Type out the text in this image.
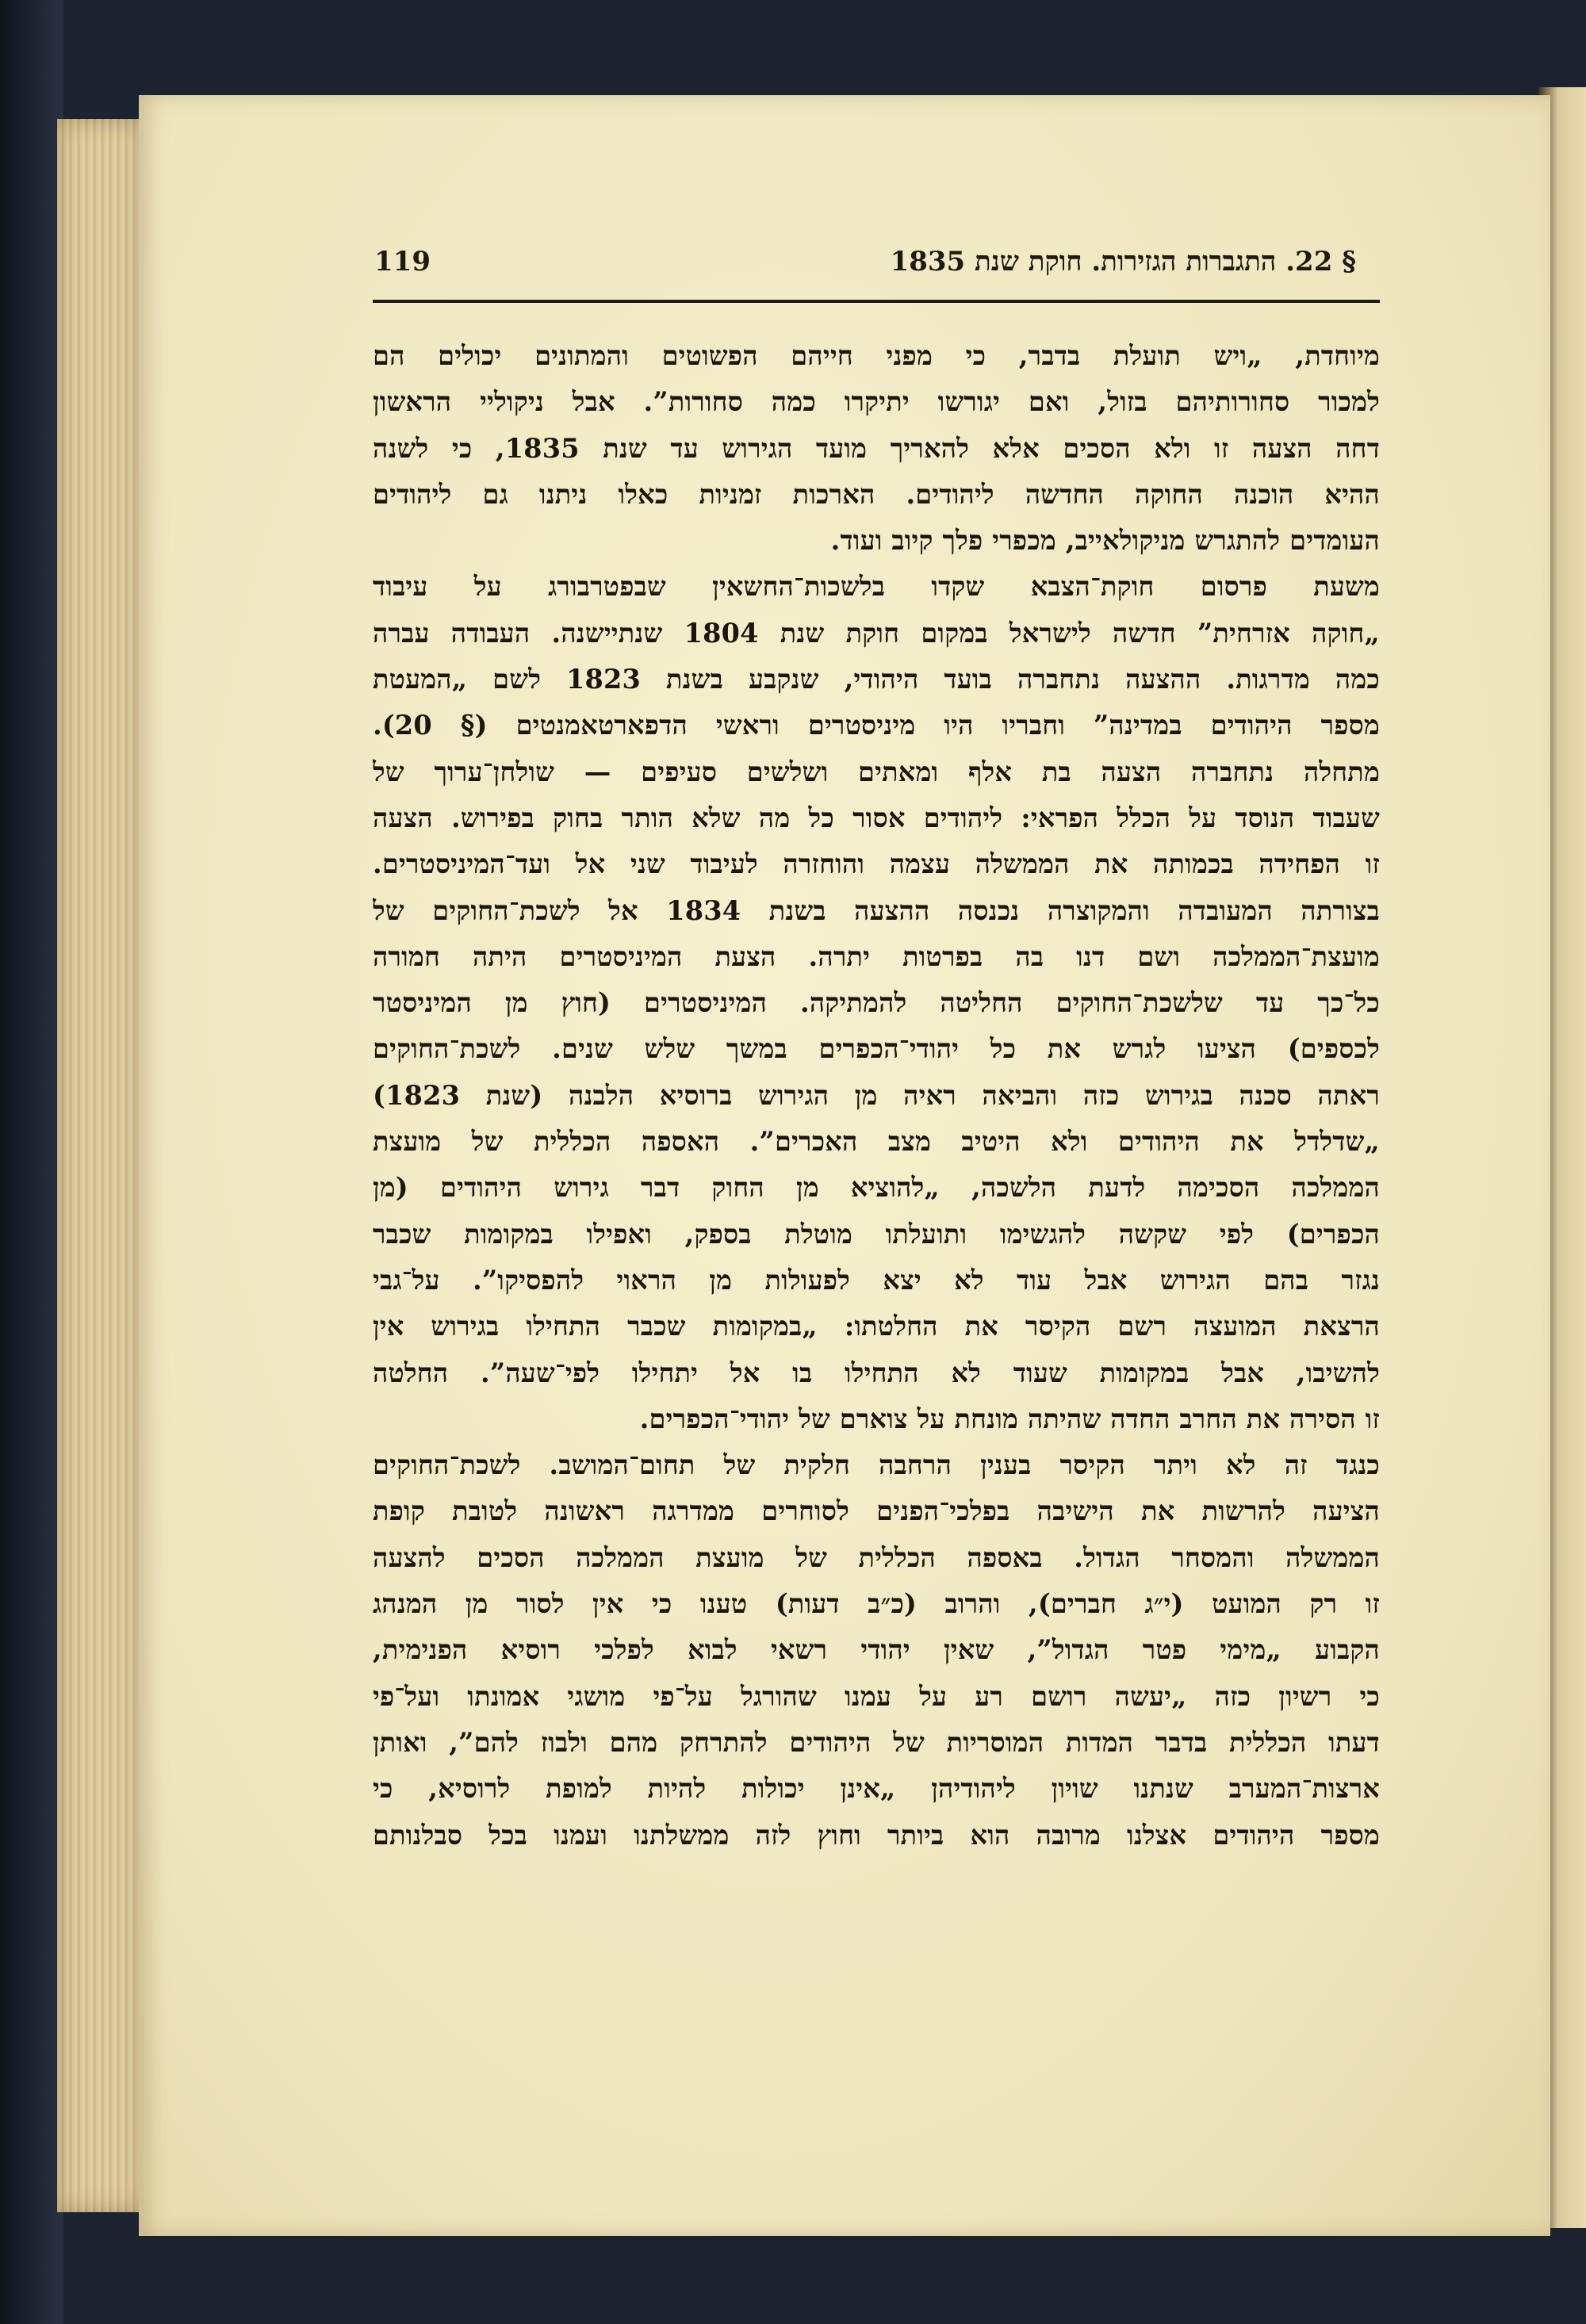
119	§ 22. התגברות הגזירות. חוקת שנת 1835
מיוחדת, „ויש תועלת בדבר, כי מפני חייהם הפשוטים והמתונים יכולים הם
למכור סחורותיהם בזול, ואם יגורשו יתיקרו כמה סחורות”. אבל ניקוליי הראשון
דחה הצעה זו ולא הסכים אלא להאריך מועד הגירוש עד שנת 1835, כי לשנה
ההיא הוכנה החוקה החדשה ליהודים. הארכות זמניות כאלו ניתנו גם ליהודים
העומדים להתגרש מניקולאייב, מכפרי פלך קיוב ועוד.
משעת פרסום חוקת־הצבא שקדו בלשכות־החשאין שבפטרבורג על עיבוד
„חוקה אזרחית” חדשה לישראל במקום חוקת שנת 1804 שנתיישנה. העבודה עברה
כמה מדרגות. ההצעה נתחברה בועד היהודי, שנקבע בשנת 1823 לשם „המעטת
מספר היהודים במדינה” וחבריו היו מיניסטרים וראשי הדפארטאמנטים (§ 20).
מתחלה נתחברה הצעה בת אלף ומאתים ושלשים סעיפים — שולחן־ערוך של
שעבוד הנוסד על הכלל הפראי: ליהודים אסור כל מה שלא הותר בחוק בפירוש. הצעה
זו הפחידה בכמותה את הממשלה עצמה והוחזרה לעיבוד שני אל ועד־המיניסטרים.
בצורתה המעובדה והמקוצרה נכנסה ההצעה בשנת 1834 אל לשכת־החוקים של
מועצת־הממלכה ושם דנו בה בפרטות יתרה. הצעת המיניסטרים היתה חמורה
כל־כך עד שלשכת־החוקים החליטה להמתיקה. המיניסטרים (חוץ מן המיניסטר
לכספים) הציעו לגרש את כל יהודי־הכפרים במשך שלש שנים. לשכת־החוקים
ראתה סכנה בגירוש כזה והביאה ראיה מן הגירוש ברוסיא הלבנה (שנת 1823)
„שדלדל את היהודים ולא היטיב מצב האכרים”. האספה הכללית של מועצת
הממלכה הסכימה לדעת הלשכה, „להוציא מן החוק דבר גירוש היהודים (מן
הכפרים) לפי שקשה להגשימו ותועלתו מוטלת בספק, ואפילו במקומות שכבר
נגזר בהם הגירוש אבל עוד לא יצא לפעולות מן הראוי להפסיקו”. על־גבי
הרצאת המועצה רשם הקיסר את החלטתו: „במקומות שכבר התחילו בגירוש אין
להשיבו, אבל במקומות שעוד לא התחילו בו אל יתחילו לפי־שעה”. החלטה
זו הסירה את החרב החדה שהיתה מונחת על צוארם של יהודי־הכפרים.
כנגד זה לא ויתר הקיסר בענין הרחבה חלקית של תחום־המושב. לשכת־החוקים
הציעה להרשות את הישיבה בפלכי־הפנים לסוחרים ממדרגה ראשונה לטובת קופת
הממשלה והמסחר הגדול. באספה הכללית של מועצת הממלכה הסכים להצעה
זו רק המועט (י״ג חברים), והרוב (כ״ב דעות) טענו כי אין לסור מן המנהג
הקבוע „מימי פטר הגדול”, שאין יהודי רשאי לבוא לפלכי רוסיא הפנימית,
כי רשיון כזה „יעשה רושם רע על עמנו שהורגל על־פי מושגי אמונתו ועל־פי
דעתו הכללית בדבר המדות המוסריות של היהודים להתרחק מהם ולבוז להם”, ואותן
ארצות־המערב שנתנו שויון ליהודיהן „אינן יכולות להיות למופת לרוסיא, כי
מספר היהודים אצלנו מרובה הוא ביותר וחוץ לזה ממשלתנו ועמנו בכל סבלנותם
